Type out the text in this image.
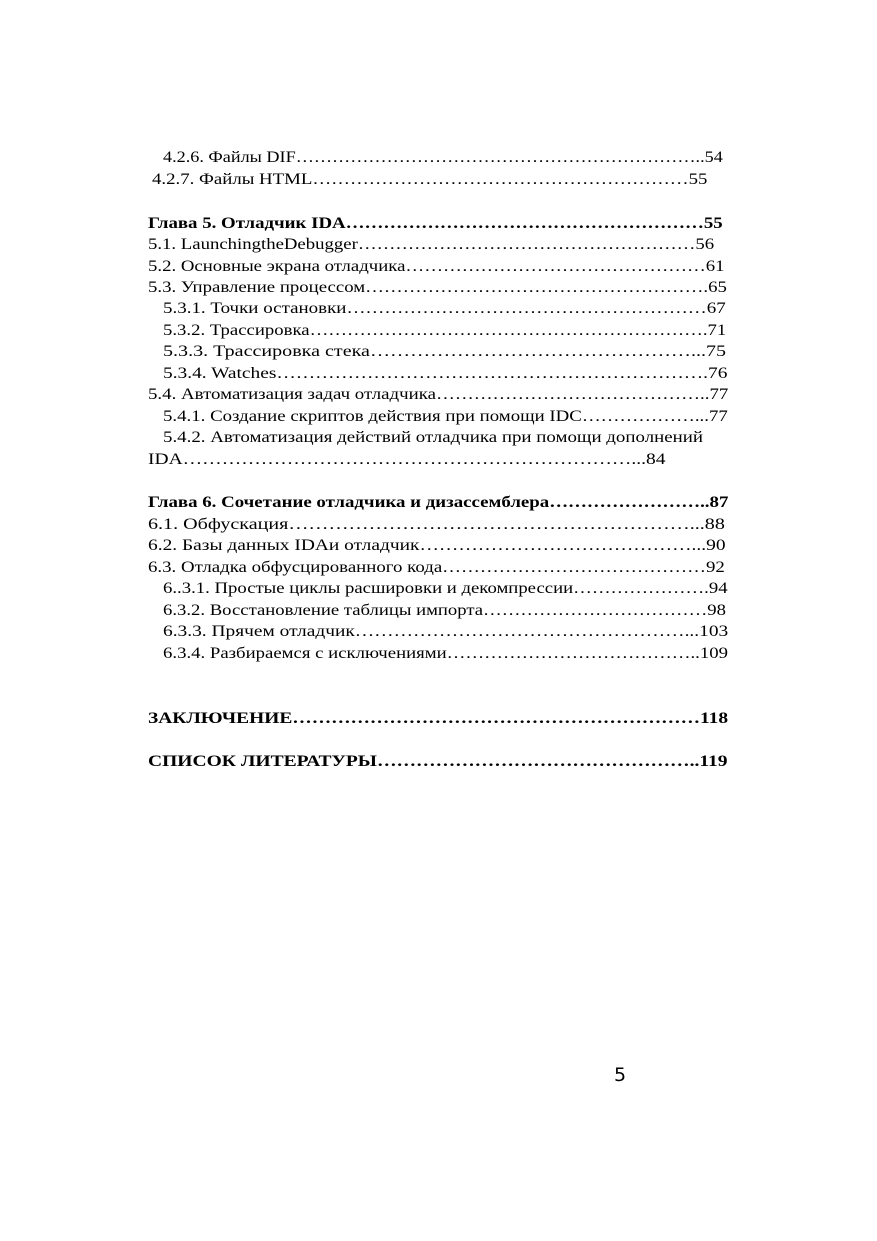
4.2.6. Файлы DIF…………………………………………………………..54
4.2.7. Файлы HTML……………………………………………………55
Глава 5. Отладчик IDA…………………………………………………55
5.1. LaunchingtheDebugger………………………………………………56
5.2. Основные экрана отладчика…………………………………………61
5.3. Управление процессом……………………………………………….65
5.3.1. Точки остановки…………………………………………………67
5.3.2. Трассировка……………………………………………………….71
5.3.3. Трассировка стека…………………………………………...75
5.3.4. Watches………………………………………………………….76
5.4. Автоматизация задач отладчика……………………………………..77
5.4.1. Создание скриптов действия при помощи IDC………………...77
5.4.2. Автоматизация действий отладчика при помощи дополнений
IDA……………………………………………………………...84
Глава 6. Сочетание отладчика и дизассемблера……………………..87
6.1. Обфускация……………………………………………………...88
6.2. Базы данных IDAи отладчик……………………………………...90
6.3. Отладка обфусцированного кода……………………………………92
6..3.1. Простые циклы расшировки и декомпрессии………………….94
6.3.2. Восстановление таблицы импорта………………………………98
6.3.3. Прячем отладчик……………………………………………...103
6.3.4. Разбираемся с исключениями…………………………………..109
ЗАКЛЮЧЕНИЕ………………………………………………………118
СПИСОК ЛИТЕРАТУРЫ…………………………………………..119
5
